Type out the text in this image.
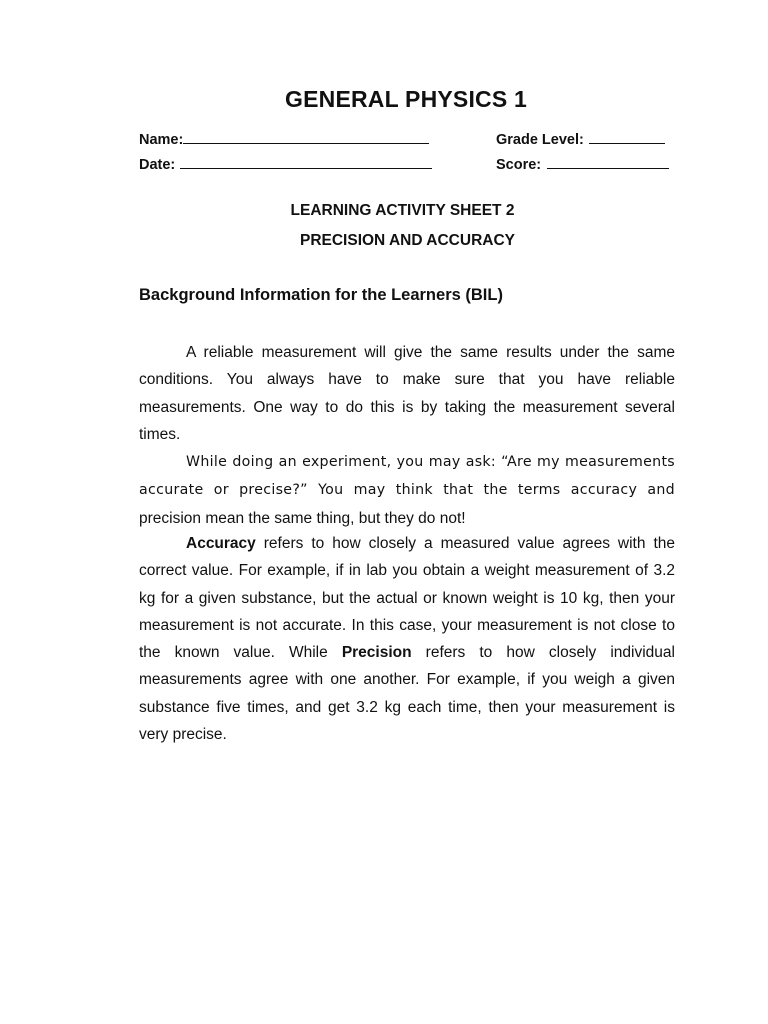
GENERAL PHYSICS 1
Name:	Grade Level:
Date:	Score:
LEARNING ACTIVITY SHEET 2
PRECISION AND ACCURACY
Background Information for the Learners (BIL)
A reliable measurement will give the same results under the same conditions. You always have to make sure that you have reliable measurements. One way to do this is by taking the measurement several times.
While doing an experiment, you may ask: “Are my measurements accurate or precise?” You may think that the terms accuracy and precision mean the same thing, but they do not!
Accuracy refers to how closely a measured value agrees with the correct value. For example, if in lab you obtain a weight measurement of 3.2 kg for a given substance, but the actual or known weight is 10 kg, then your measurement is not accurate. In this case, your measurement is not close to the known value. While Precision refers to how closely individual measurements agree with one another. For example, if you weigh a given substance five times, and get 3.2 kg each time, then your measurement is very precise.
